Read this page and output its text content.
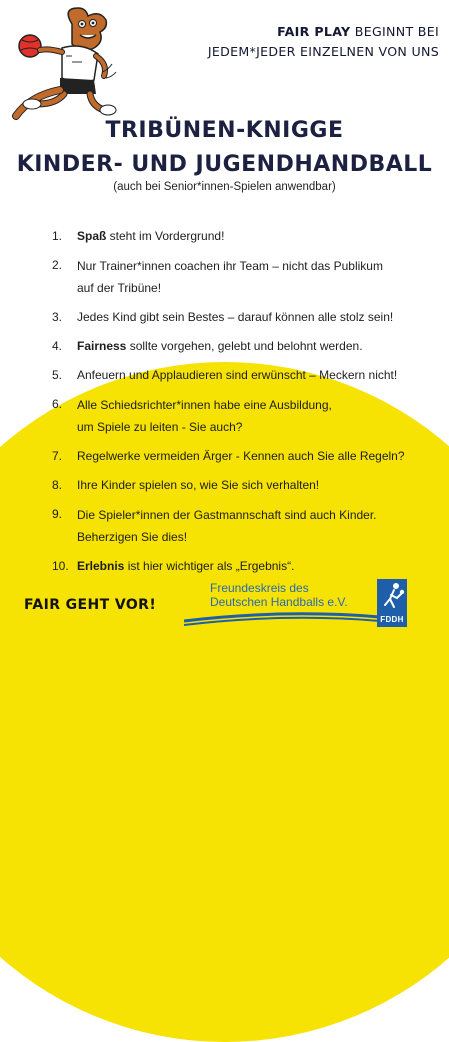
FAIR PLAY BEGINNT BEI
JEDEM*JEDER EINZELNEN VON UNS
TRIBÜNEN-KNIGGE
KINDER- UND JUGENDHANDBALL
(auch bei Senior*innen-Spielen anwendbar)
1.	Spaß steht im Vordergrund!
2.	Nur Trainer*innen coachen ihr Team – nicht das Publikum
auf der Tribüne!
3.	Jedes Kind gibt sein Bestes – darauf können alle stolz sein!
4.	Fairness sollte vorgehen, gelebt und belohnt werden.
5.	Anfeuern und Applaudieren sind erwünscht – Meckern nicht!
6.	Alle Schiedsrichter*innen habe eine Ausbildung,
um Spiele zu leiten - Sie auch?
7.	Regelwerke vermeiden Ärger - Kennen auch Sie alle Regeln?
8.	Ihre Kinder spielen so, wie Sie sich verhalten!
9.	Die Spieler*innen der Gastmannschaft sind auch Kinder.
Beherzigen Sie dies!
10. Erlebnis ist hier wichtiger als „Ergebnis“.
FAIR GEHT VOR!
Freundeskreis des
Deutschen Handballs e.V.
FDDH
